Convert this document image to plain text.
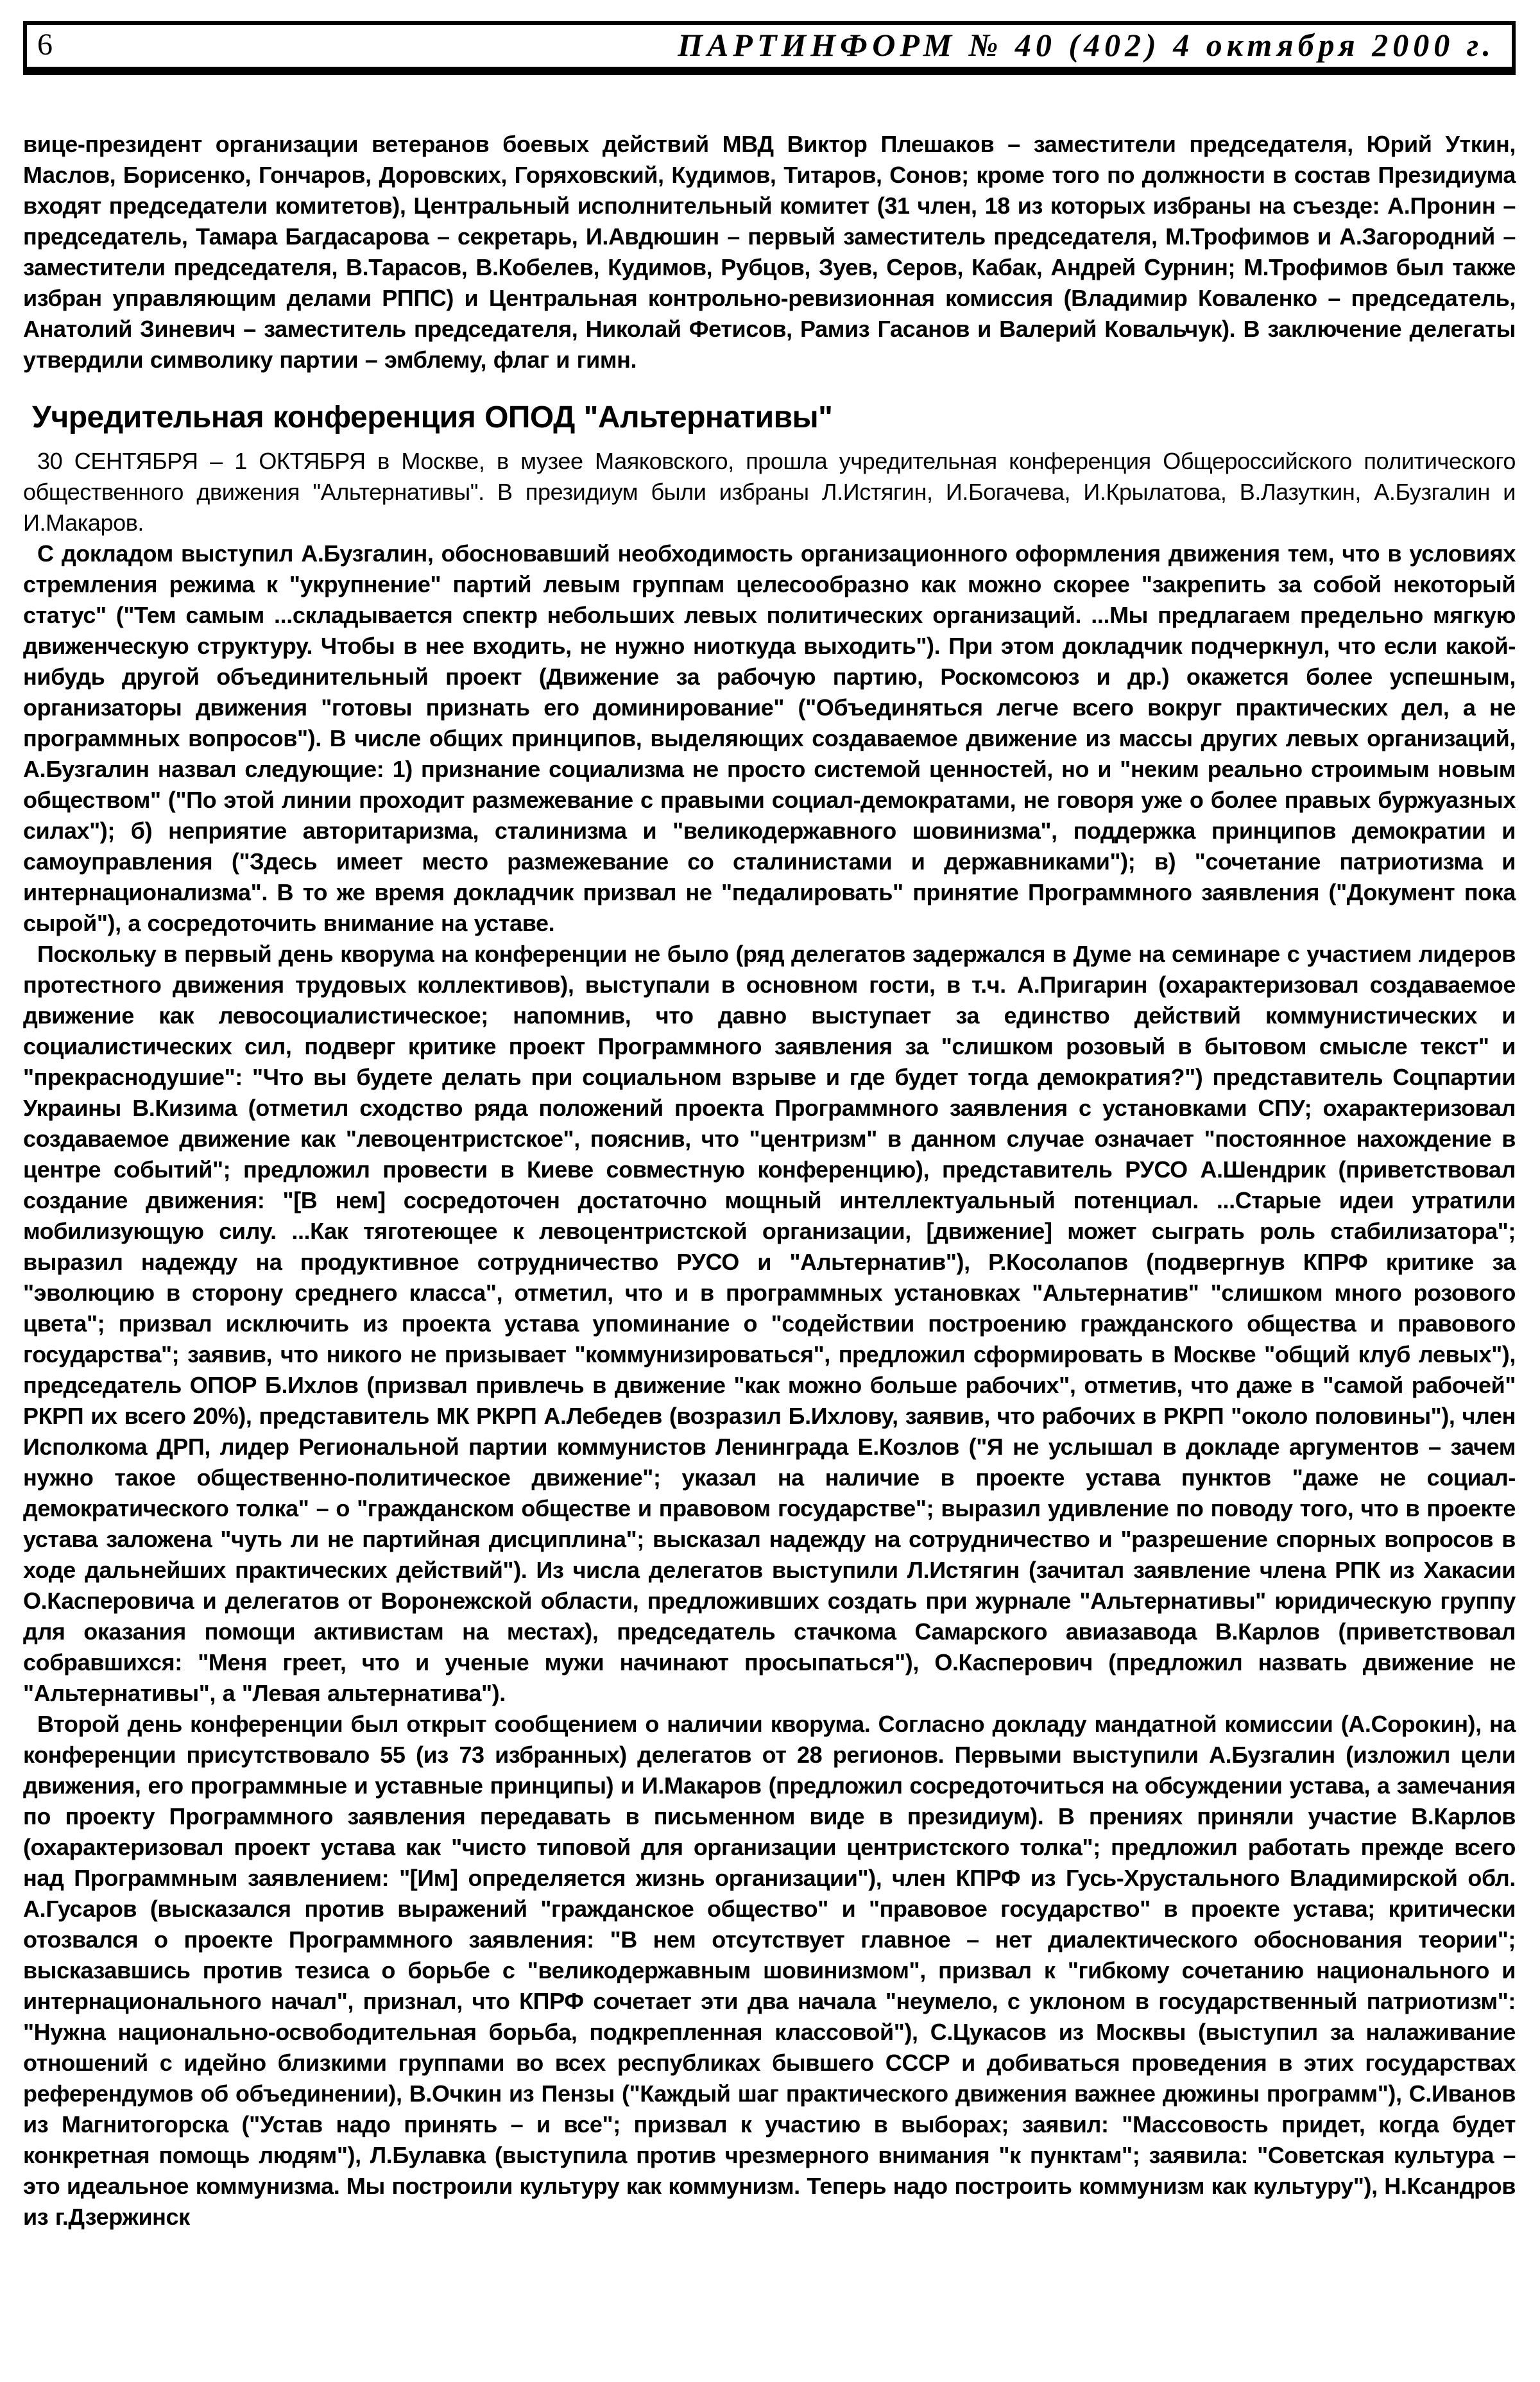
6	ПАРТИНФОРМ № 40 (402) 4 октября 2000 г.

вице-президент организации ветеранов боевых действий МВД Виктор Плешаков – заместители председателя, Юрий Уткин, Маслов, Борисенко, Гончаров, Доровских, Горяховский, Кудимов, Титаров, Сонов; кроме того по должности в состав Президиума входят председатели комитетов), Центральный исполнительный комитет (31 член, 18 из которых избраны на съезде: А.Пронин – председатель, Тамара Багдасарова – секретарь, И.Авдюшин – первый заместитель председателя, М.Трофимов и А.Загородний – заместители председателя, В.Тарасов, В.Кобелев, Кудимов, Рубцов, Зуев, Серов, Кабак, Андрей Сурнин; М.Трофимов был также избран управляющим делами РППС) и Центральная контрольно-ревизионная комиссия (Владимир Коваленко – председатель, Анатолий Зиневич – заместитель председателя, Николай Фетисов, Рамиз Гасанов и Валерий Ковальчук). В заключение делегаты утвердили символику партии – эмблему, флаг и гимн.

Учредительная конференция ОПОД "Альтернативы"

30 СЕНТЯБРЯ – 1 ОКТЯБРЯ в Москве, в музее Маяковского, прошла учредительная конференция Общероссийского политического общественного движения "Альтернативы". В президиум были избраны Л.Истягин, И.Богачева, И.Крылатова, В.Лазуткин, А.Бузгалин и И.Макаров.

С докладом выступил А.Бузгалин, обосновавший необходимость организационного оформления движения тем, что в условиях стремления режима к "укрупнение" партий левым группам целесообразно как можно скорее "закрепить за собой некоторый статус" ("Тем самым ...складывается спектр небольших левых политических организаций. ...Мы предлагаем предельно мягкую движенческую структуру. Чтобы в нее входить, не нужно ниоткуда выходить"). При этом докладчик подчеркнул, что если какой-нибудь другой объединительный проект (Движение за рабочую партию, Роскомсоюз и др.) окажется более успешным, организаторы движения "готовы признать его доминирование" ("Объединяться легче всего вокруг практических дел, а не программных вопросов"). В числе общих принципов, выделяющих создаваемое движение из массы других левых организаций, А.Бузгалин назвал следующие: 1) признание социализма не просто системой ценностей, но и "неким реально строимым новым обществом" ("По этой линии проходит размежевание с правыми социал-демократами, не говоря уже о более правых буржуазных силах"); б) неприятие авторитаризма, сталинизма и "великодержавного шовинизма", поддержка принципов демократии и самоуправления ("Здесь имеет место размежевание со сталинистами и державниками"); в) "сочетание патриотизма и интернационализма". В то же время докладчик призвал не "педалировать" принятие Программного заявления ("Документ пока сырой"), а сосредоточить внимание на уставе.

Поскольку в первый день кворума на конференции не было (ряд делегатов задержался в Думе на семинаре с участием лидеров протестного движения трудовых коллективов), выступали в основном гости, в т.ч. А.Пригарин (охарактеризовал создаваемое движение как левосоциалистическое; напомнив, что давно выступает за единство действий коммунистических и социалистических сил, подверг критике проект Программного заявления за "слишком розовый в бытовом смысле текст" и "прекраснодушие": "Что вы будете делать при социальном взрыве и где будет тогда демократия?") представитель Соцпартии Украины В.Кизима (отметил сходство ряда положений проекта Программного заявления с установками СПУ; охарактеризовал создаваемое движение как "левоцентристское", пояснив, что "центризм" в данном случае означает "постоянное нахождение в центре событий"; предложил провести в Киеве совместную конференцию), представитель РУСО А.Шендрик (приветствовал создание движения: "[В нем] сосредоточен достаточно мощный интеллектуальный потенциал. ...Старые идеи утратили мобилизующую силу. ...Как тяготеющее к левоцентристской организации, [движение] может сыграть роль стабилизатора"; выразил надежду на продуктивное сотрудничество РУСО и "Альтернатив"), Р.Косолапов (подвергнув КПРФ критике за "эволюцию в сторону среднего класса", отметил, что и в программных установках "Альтернатив" "слишком много розового цвета"; призвал исключить из проекта устава упоминание о "содействии построению гражданского общества и правового государства"; заявив, что никого не призывает "коммунизироваться", предложил сформировать в Москве "общий клуб левых"), председатель ОПОР Б.Ихлов (призвал привлечь в движение "как можно больше рабочих", отметив, что даже в "самой рабочей" РКРП их всего 20%), представитель МК РКРП А.Лебедев (возразил Б.Ихлову, заявив, что рабочих в РКРП "около половины"), член Исполкома ДРП, лидер Региональной партии коммунистов Ленинграда Е.Козлов ("Я не услышал в докладе аргументов – зачем нужно такое общественно-политическое движение"; указал на наличие в проекте устава пунктов "даже не социал-демократического толка" – о "гражданском обществе и правовом государстве"; выразил удивление по поводу того, что в проекте устава заложена "чуть ли не партийная дисциплина"; высказал надежду на сотрудничество и "разрешение спорных вопросов в ходе дальнейших практических действий"). Из числа делегатов выступили Л.Истягин (зачитал заявление члена РПК из Хакасии О.Касперовича и делегатов от Воронежской области, предложивших создать при журнале "Альтернативы" юридическую группу для оказания помощи активистам на местах), председатель стачкома Самарского авиазавода В.Карлов (приветствовал собравшихся: "Меня греет, что и ученые мужи начинают просыпаться"), О.Касперович (предложил назвать движение не "Альтернативы", а "Левая альтернатива").

Второй день конференции был открыт сообщением о наличии кворума. Согласно докладу мандатной комиссии (А.Сорокин), на конференции присутствовало 55 (из 73 избранных) делегатов от 28 регионов. Первыми выступили А.Бузгалин (изложил цели движения, его программные и уставные принципы) и И.Макаров (предложил сосредоточиться на обсуждении устава, а замечания по проекту Программного заявления передавать в письменном виде в президиум). В прениях приняли участие В.Карлов (охарактеризовал проект устава как "чисто типовой для организации центристского толка"; предложил работать прежде всего над Программным заявлением: "[Им] определяется жизнь организации"), член КПРФ из Гусь-Хрустального Владимирской обл. А.Гусаров (высказался против выражений "гражданское общество" и "правовое государство" в проекте устава; критически отозвался о проекте Программного заявления: "В нем отсутствует главное – нет диалектического обоснования теории"; высказавшись против тезиса о борьбе с "великодержавным шовинизмом", призвал к "гибкому сочетанию национального и интернационального начал", признал, что КПРФ сочетает эти два начала "неумело, с уклоном в государственный патриотизм": "Нужна национально-освободительная борьба, подкрепленная классовой"), С.Цукасов из Москвы (выступил за налаживание отношений с идейно близкими группами во всех республиках бывшего СССР и добиваться проведения в этих государствах референдумов об объединении), В.Очкин из Пензы ("Каждый шаг практического движения важнее дюжины программ"), С.Иванов из Магнитогорска ("Устав надо принять – и все"; призвал к участию в выборах; заявил: "Массовость придет, когда будет конкретная помощь людям"), Л.Булавка (выступила против чрезмерного внимания "к пунктам"; заявила: "Советская культура – это идеальное коммунизма. Мы построили культуру как коммунизм. Теперь надо построить коммунизм как культуру"), Н.Ксандров из г.Дзержинск
